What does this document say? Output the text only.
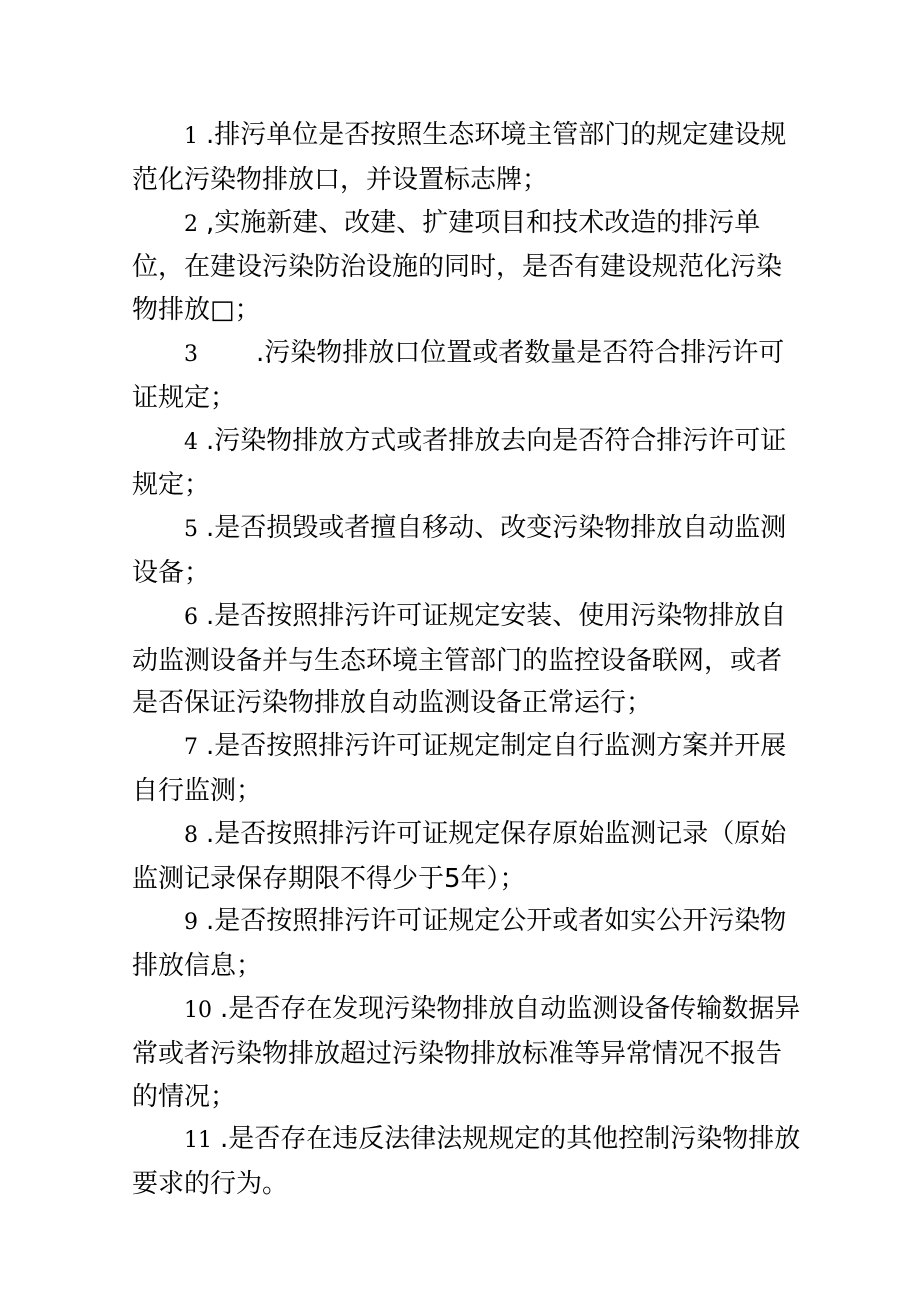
1 .排污单位是否按照生态环境主管部门的规定建设规范化污染物排放口，并设置标志牌；

2 ,实施新建、改建、扩建项目和技术改造的排污单位，在建设污染防治设施的同时，是否有建设规范化污染物排放□；

3 .污染物排放口位置或者数量是否符合排污许可证规定；

4 .污染物排放方式或者排放去向是否符合排污许可证规定；

5 .是否损毁或者擅自移动、改变污染物排放自动监测设备；

6 .是否按照排污许可证规定安装、使用污染物排放自动监测设备并与生态环境主管部门的监控设备联网，或者是否保证污染物排放自动监测设备正常运行；

7 .是否按照排污许可证规定制定自行监测方案并开展自行监测；

8 .是否按照排污许可证规定保存原始监测记录（原始监测记录保存期限不得少于5年）；

9 .是否按照排污许可证规定公开或者如实公开污染物排放信息；

10 .是否存在发现污染物排放自动监测设备传输数据异常或者污染物排放超过污染物排放标准等异常情况不报告的情况；

11 .是否存在违反法律法规规定的其他控制污染物排放要求的行为。
